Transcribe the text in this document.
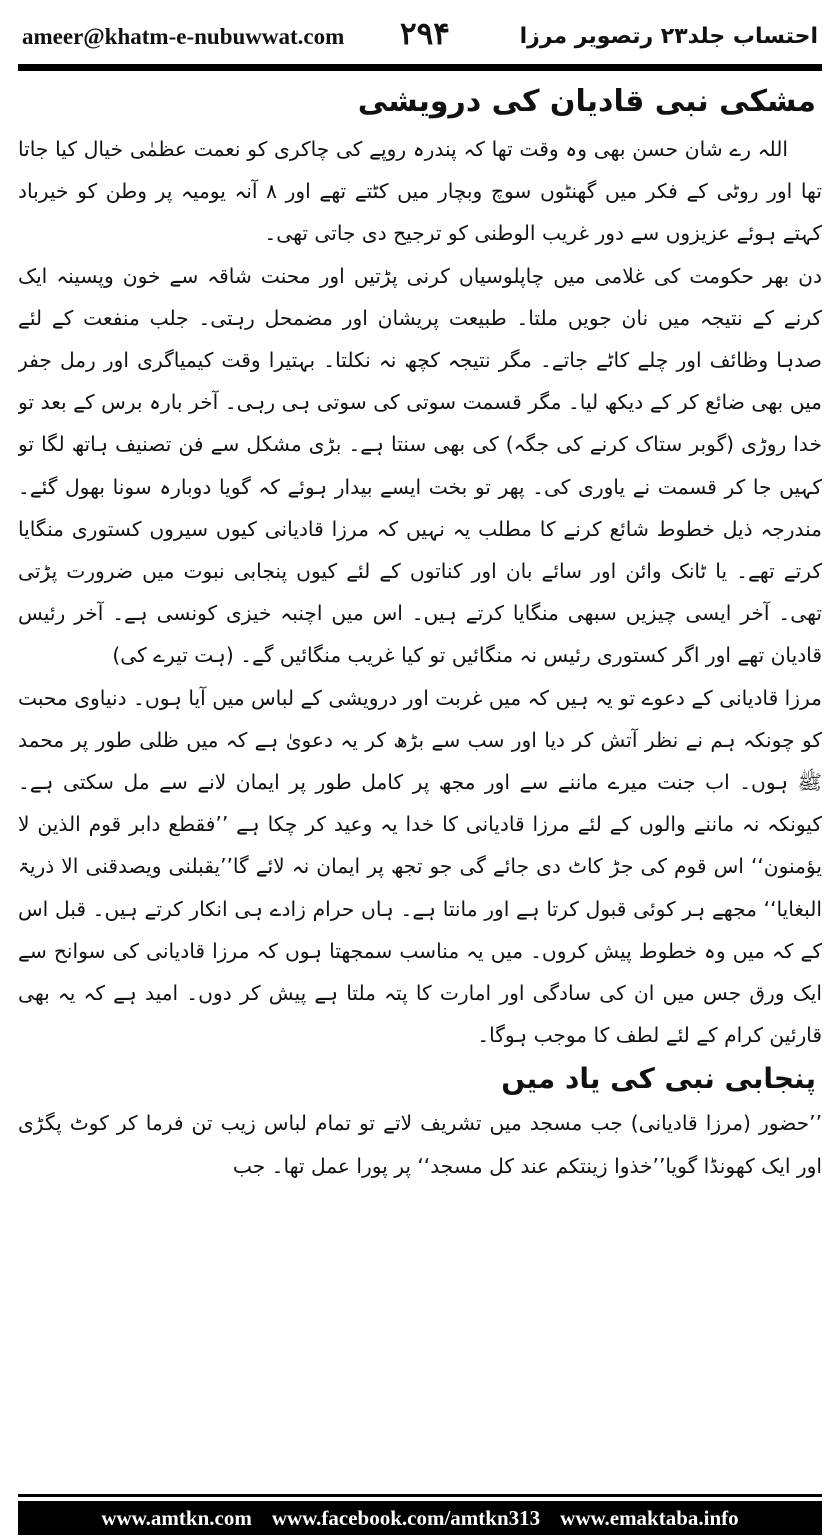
ameer@khatm-e-nubuwwat.com ۲۹۴	احتساب جلد۲۳ رتصویر مرزا
مشکی نبی قادیان کی درویشی

اللہ رے شان حسن بھی وہ وقت تھا کہ پندرہ روپے کی چاکری کو نعمت عظمٰی خیال کیا جاتا تھا اور روٹی کے فکر میں گھنٹوں سوچ وبچار میں کٹتے تھے اور ۸ آنہ یومیہ پر وطن کو خیرباد کہتے ہوئے عزیزوں سے دور غریب الوطنی کو ترجیح دی جاتی تھی۔

دن بھر حکومت کی غلامی میں چاپلوسیاں کرنی پڑتیں اور محنت شاقہ سے خون وپسینہ ایک کرنے کے نتیجہ میں نان جویں ملتا۔ طبیعت پریشان اور مضمحل رہتی۔ جلب منفعت کے لئے صدہا وظائف اور چلے کاٹے جاتے۔ مگر نتیجہ کچھ نہ نکلتا۔ بہتیرا وقت کیمیاگری اور رمل جفر میں بھی ضائع کر کے دیکھ لیا۔ مگر قسمت سوتی کی سوتی ہی رہی۔ آخر بارہ برس کے بعد تو خدا روڑی (گوبر ستاک کرنے کی جگہ) کی بھی سنتا ہے۔ بڑی مشکل سے فن تصنیف ہاتھ لگا تو کہیں جا کر قسمت نے یاوری کی۔ پھر تو بخت ایسے بیدار ہوئے کہ گویا دوبارہ سونا بھول گئے۔ مندرجہ ذیل خطوط شائع کرنے کا مطلب یہ نہیں کہ مرزا قادیانی کیوں سیروں کستوری منگایا کرتے تھے۔ یا ٹانک وائن اور سائے بان اور کناتوں کے لئے کیوں پنجابی نبوت میں ضرورت پڑتی تھی۔ آخر ایسی چیزیں سبھی منگایا کرتے ہیں۔ اس میں اچنبہ خیزی کونسی ہے۔ آخر رئیس قادیان تھے اور اگر کستوری رئیس نہ منگائیں تو کیا غریب منگائیں گے۔ (ہت تیرے کی)

مرزا قادیانی کے دعوے تو یہ ہیں کہ میں غربت اور درویشی کے لباس میں آیا ہوں۔ دنیاوی محبت کو چونکہ ہم نے نظر آتش کر دیا اور سب سے بڑھ کر یہ دعویٰ ہے کہ میں ظلی طور پر محمد ﷺ ہوں۔ اب جنت میرے ماننے سے اور مجھ پر کامل طور پر ایمان لانے سے مل سکتی ہے۔ کیونکہ نہ ماننے والوں کے لئے مرزا قادیانی کا خدا یہ وعید کر چکا ہے ’’فقطع دابر قوم الذین لا یؤمنون‘‘ اس قوم کی جڑ کاٹ دی جائے گی جو تجھ پر ایمان نہ لائے گا’’یقبلنی ویصدقنی الا ذریۃ البغایا‘‘ مجھے ہر کوئی قبول کرتا ہے اور مانتا ہے۔ ہاں حرام زادے ہی انکار کرتے ہیں۔ قبل اس کے کہ میں وہ خطوط پیش کروں۔ میں یہ مناسب سمجھتا ہوں کہ مرزا قادیانی کی سوانح سے ایک ورق جس میں ان کی سادگی اور امارت کا پتہ ملتا ہے پیش کر دوں۔ امید ہے کہ یہ بھی قارئین کرام کے لئے لطف کا موجب ہوگا۔

پنجابی نبی کی یاد میں

’’حضور (مرزا قادیانی) جب مسجد میں تشریف لاتے تو تمام لباس زیب تن فرما کر کوٹ پگڑی اور ایک کھونڈا گویا’’خذوا زینتکم عند کل مسجد‘‘ پر پورا عمل تھا۔ جب

www.amtkn.com www.facebook.com/amtkn313 www.emaktaba.info
